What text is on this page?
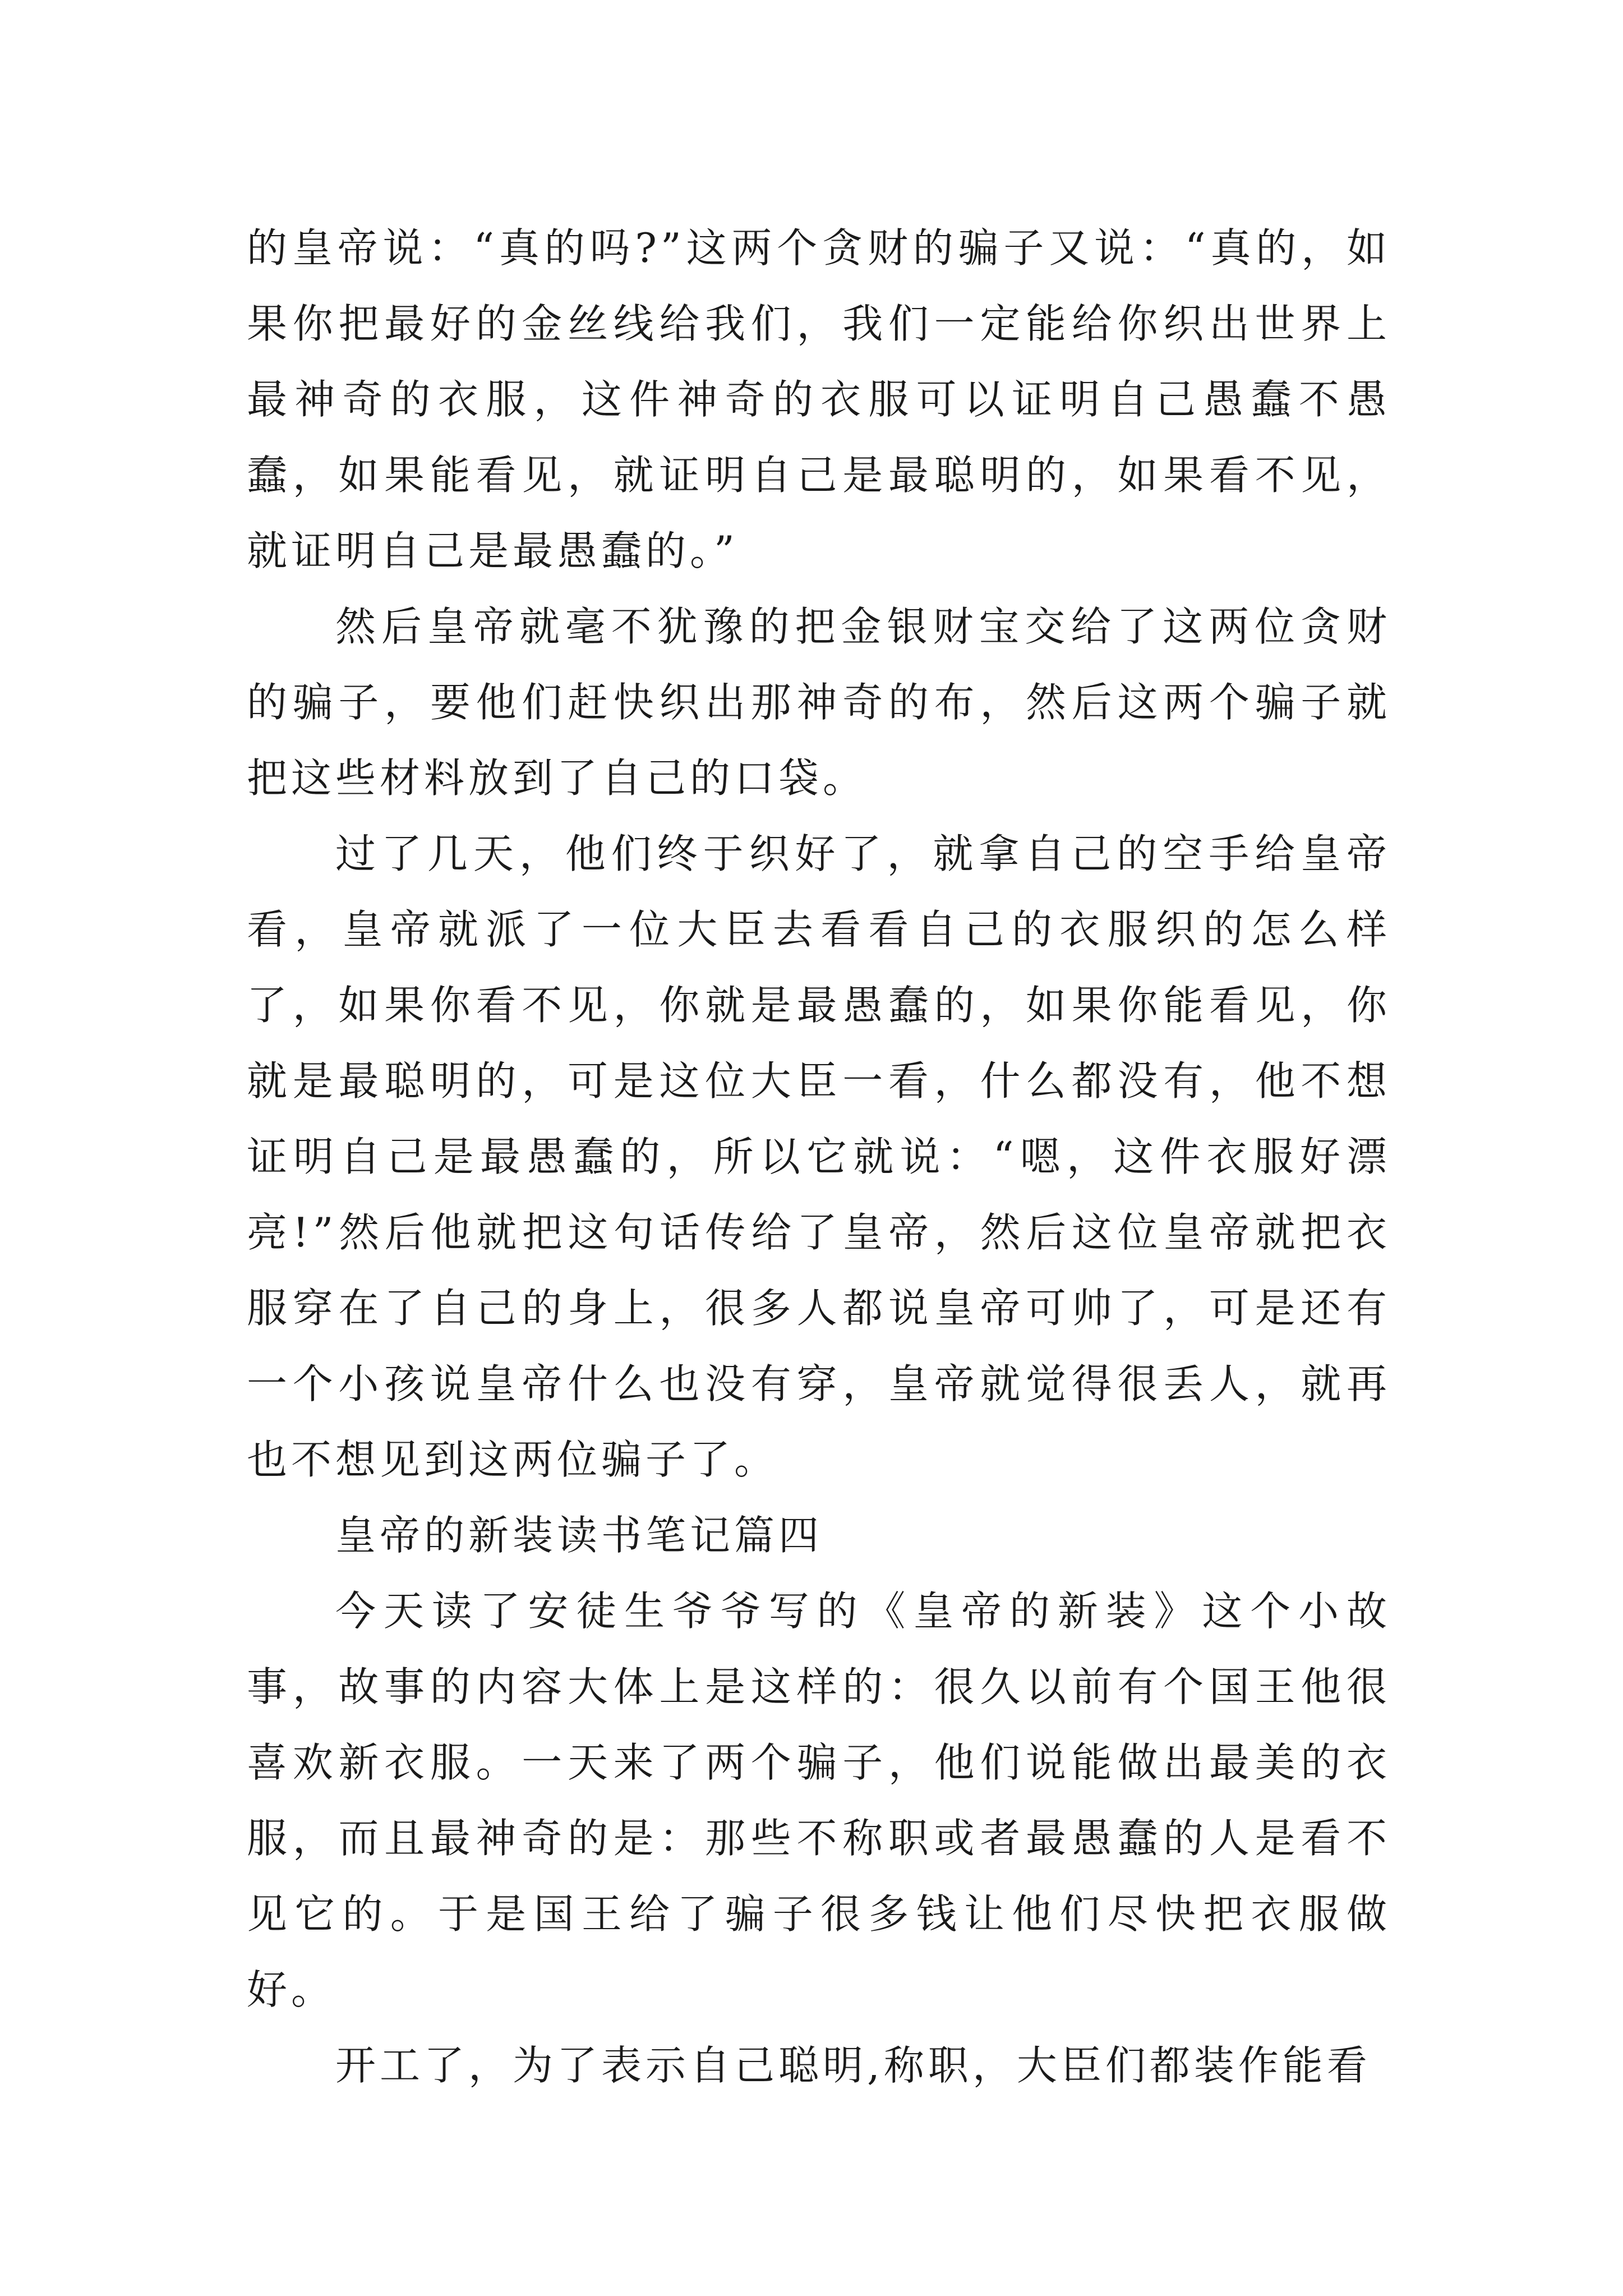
的皇帝说：“真的吗?”这两个贪财的骗子又说：“真的，如果你把最好的金丝线给我们，我们一定能给你织出世界上最神奇的衣服，这件神奇的衣服可以证明自己愚蠢不愚蠢，如果能看见，就证明自己是最聪明的，如果看不见，就证明自己是最愚蠢的。”

然后皇帝就毫不犹豫的把金银财宝交给了这两位贪财的骗子，要他们赶快织出那神奇的布，然后这两个骗子就把这些材料放到了自己的口袋。

过了几天，他们终于织好了，就拿自己的空手给皇帝看，皇帝就派了一位大臣去看看自己的衣服织的怎么样了，如果你看不见，你就是最愚蠢的，如果你能看见，你就是最聪明的，可是这位大臣一看，什么都没有，他不想证明自己是最愚蠢的，所以它就说：“嗯，这件衣服好漂亮!”然后他就把这句话传给了皇帝，然后这位皇帝就把衣服穿在了自己的身上，很多人都说皇帝可帅了，可是还有一个小孩说皇帝什么也没有穿，皇帝就觉得很丢人，就再也不想见到这两位骗子了。

皇帝的新装读书笔记篇四

今天读了安徒生爷爷写的《皇帝的新装》这个小故事，故事的内容大体上是这样的：很久以前有个国王他很喜欢新衣服。一天来了两个骗子，他们说能做出最美的衣服，而且最神奇的是：那些不称职或者最愚蠢的人是看不见它的。于是国王给了骗子很多钱让他们尽快把衣服做好。

开工了，为了表示自己聪明,称职，大臣们都装作能看
